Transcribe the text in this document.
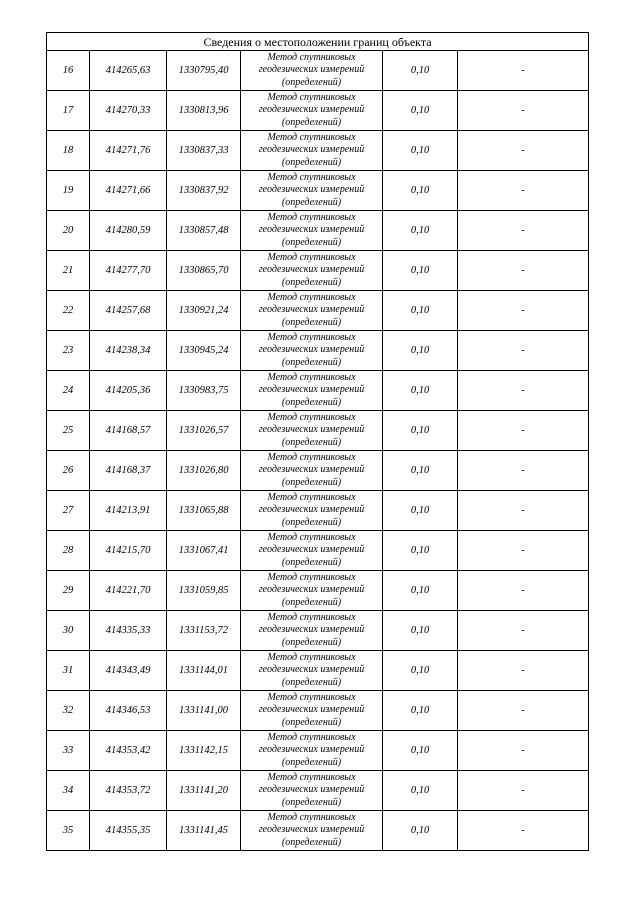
Сведения о местоположении границ объекта					
16	414265,63	1330795,40	Метод спутниковых
геодезических измерений
(определений)	0,10	-
17	414270,33	1330813,96	Метод спутниковых
геодезических измерений
(определений)	0,10	-
18	414271,76	1330837,33	Метод спутниковых
геодезических измерений
(определений)	0,10	-
19	414271,66	1330837,92	Метод спутниковых
геодезических измерений
(определений)	0,10	-
20	414280,59	1330857,48	Метод спутниковых
геодезических измерений
(определений)	0,10	-
21	414277,70	1330865,70	Метод спутниковых
геодезических измерений
(определений)	0,10	-
22	414257,68	1330921,24	Метод спутниковых
геодезических измерений
(определений)	0,10	-
23	414238,34	1330945,24	Метод спутниковых
геодезических измерений
(определений)	0,10	-
24	414205,36	1330983,75	Метод спутниковых
геодезических измерений
(определений)	0,10	-
25	414168,57	1331026,57	Метод спутниковых
геодезических измерений
(определений)	0,10	-
26	414168,37	1331026,80	Метод спутниковых
геодезических измерений
(определений)	0,10	-
27	414213,91	1331065,88	Метод спутниковых
геодезических измерений
(определений)	0,10	-
28	414215,70	1331067,41	Метод спутниковых
геодезических измерений
(определений)	0,10	-
29	414221,70	1331059,85	Метод спутниковых
геодезических измерений
(определений)	0,10	-
30	414335,33	1331153,72	Метод спутниковых
геодезических измерений
(определений)	0,10	-
31	414343,49	1331144,01	Метод спутниковых
геодезических измерений
(определений)	0,10	-
32	414346,53	1331141,00	Метод спутниковых
геодезических измерений
(определений)	0,10	-
33	414353,42	1331142,15	Метод спутниковых
геодезических измерений
(определений)	0,10	-
34	414353,72	1331141,20	Метод спутниковых
геодезических измерений
(определений)	0,10	-
35	414355,35	1331141,45	Метод спутниковых
геодезических измерений
(определений)	0,10	-
